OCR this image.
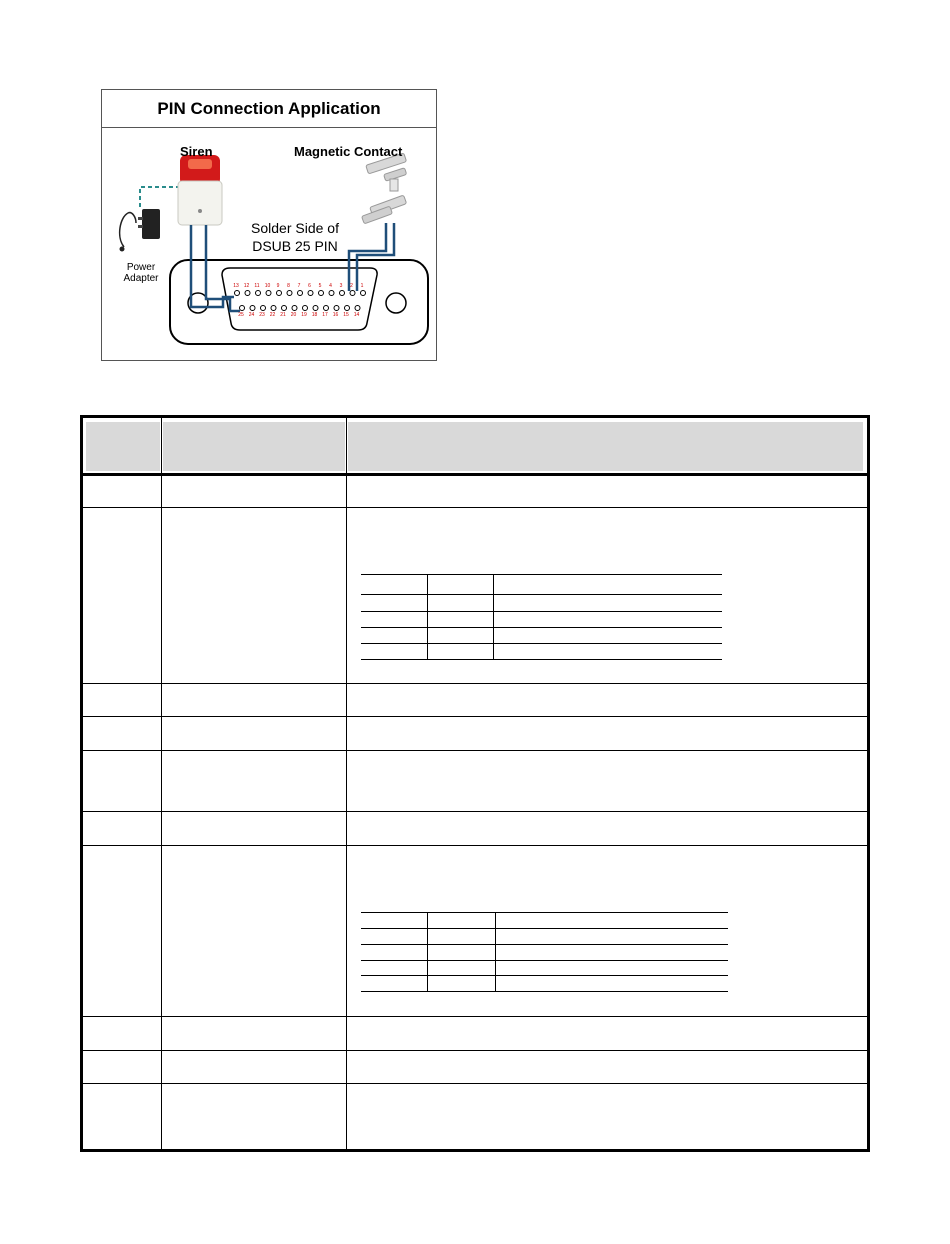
PIN Connection Application
Siren	Magnetic Contact
Power
Adapter
Solder Side of
DSUB 25 PIN
13 12	11	10	9	8	7	6	5	4	3	2	1
25 24 23 22 21 20 19 18 17 16 15 14
